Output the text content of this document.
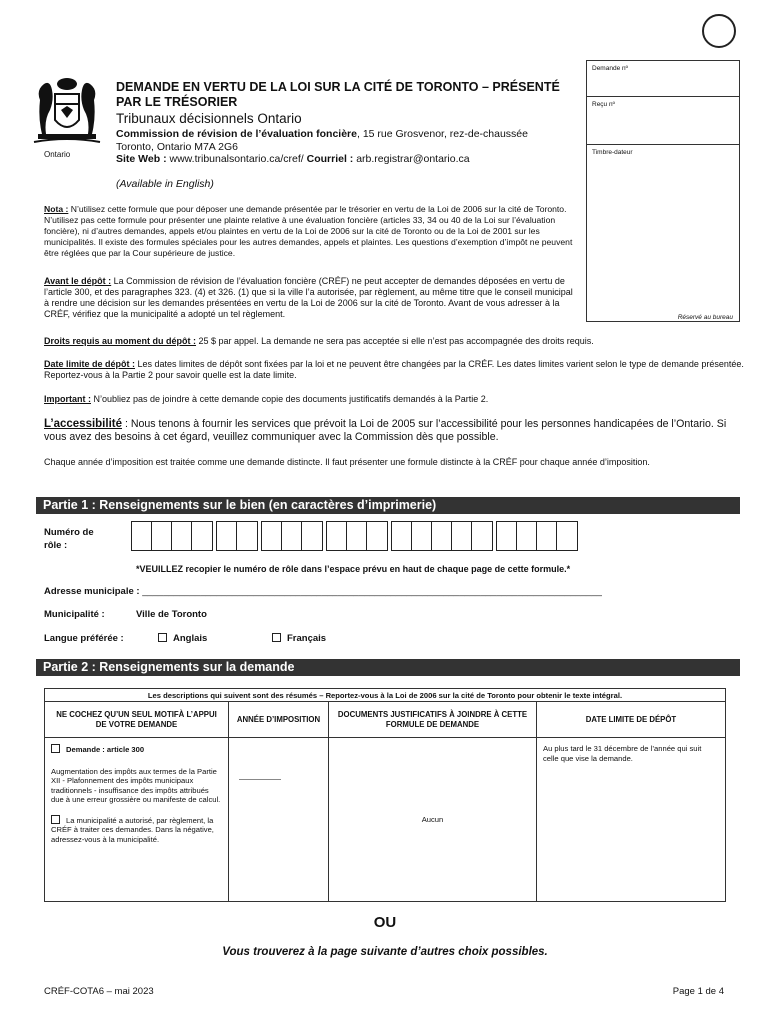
Ontario
DEMANDE EN VERTU DE LA LOI SUR LA CITÉ DE TORONTO – PRÉSENTÉ PAR LE TRÉSORIER
Tribunaux décisionnels Ontario
Commission de révision de l’évaluation foncière, 15 rue Grosvenor, rez-de-chaussée
Toronto, Ontario M7A 2G6
Site Web : www.tribunalsontario.ca/cref/ Courriel : arb.registrar@ontario.ca
(Available in English)
Demande nº
Reçu nº
Timbre-dateur
Réservé au bureau
Nota : N’utilisez cette formule que pour déposer une demande présentée par le trésorier en vertu de la Loi de 2006 sur la cité de Toronto. N’utilisez pas cette formule pour présenter une plainte relative à une évaluation foncière (articles 33, 34 ou 40 de la Loi sur l’évaluation foncière), ni d’autres demandes, appels et/ou plaintes en vertu de la Loi de 2006 sur la cité de Toronto ou de la Loi de 2001 sur les municipalités. Il existe des formules spéciales pour les autres demandes, appels et plaintes. Les questions d’exemption d’impôt ne peuvent être réglées que par la Cour supérieure de justice.
Avant le dépôt : La Commission de révision de l’évaluation foncière (CRÉF) ne peut accepter de demandes déposées en vertu de l’article 300, et des paragraphes 323. (4) et 326. (1) que si la ville l’a autorisée, par règlement, au même titre que le conseil municipal à rendre une décision sur les demandes présentées en vertu de la Loi de 2006 sur la cité de Toronto. Avant de vous adresser à la CRÉF, vérifiez que la municipalité a adopté un tel règlement.
Droits requis au moment du dépôt : 25 $ par appel. La demande ne sera pas acceptée si elle n’est pas accompagnée des droits requis.
Date limite de dépôt : Les dates limites de dépôt sont fixées par la loi et ne peuvent être changées par la CRÉF. Les dates limites varient selon le type de demande présentée. Reportez-vous à la Partie 2 pour savoir quelle est la date limite.
Important : N’oubliez pas de joindre à cette demande copie des documents justificatifs demandés à la Partie 2.
L’accessibilité : Nous tenons à fournir les services que prévoit la Loi de 2005 sur l’accessibilité pour les personnes handicapées de l’Ontario. Si vous avez des besoins à cet égard, veuillez communiquer avec la Commission dès que possible.
Chaque année d’imposition est traitée comme une demande distincte. Il faut présenter une formule distincte à la CRÉF pour chaque année d’imposition.
Partie 1 : Renseignements sur le bien (en caractères d’imprimerie)
Numéro de
rôle :
*VEUILLEZ recopier le numéro de rôle dans l’espace prévu en haut de chaque page de cette formule.*
Adresse municipale : _______________________________________________________________________________________
Municipalité :	Ville de Toronto
Langue préférée :	Anglais	Français
Partie 2 : Renseignements sur la demande
Les descriptions qui suivent sont des résumés – Reportez-vous à la Loi de 2006 sur la cité de Toronto pour obtenir le texte intégral.			
NE COCHEZ QU’UN SEUL MOTIFÀ L’APPUI DE VOTRE DEMANDE	ANNÉE D’IMPOSITION	DOCUMENTS JUSTIFICATIFS À JOINDRE À CETTE FORMULE DE DEMANDE	DATE LIMITE DE DÉPÔT

Demande : article 300
Augmentation des impôts aux termes de la Partie XII - Plafonnement des impôts municipaux traditionnels - insuffisance des impôts attribués due à une erreur grossière ou manifeste de calcul.
La municipalité a autorisé, par règlement, la CRÉF à traiter ces demandes. Dans la négative, adressez-vous à la municipalité.		Aucun	Au plus tard le 31 décembre de l’année qui suit celle que vise la demande.
OU
Vous trouverez à la page suivante d’autres choix possibles.
CRÉF-COTA6 – mai 2023	Page 1 de 4
